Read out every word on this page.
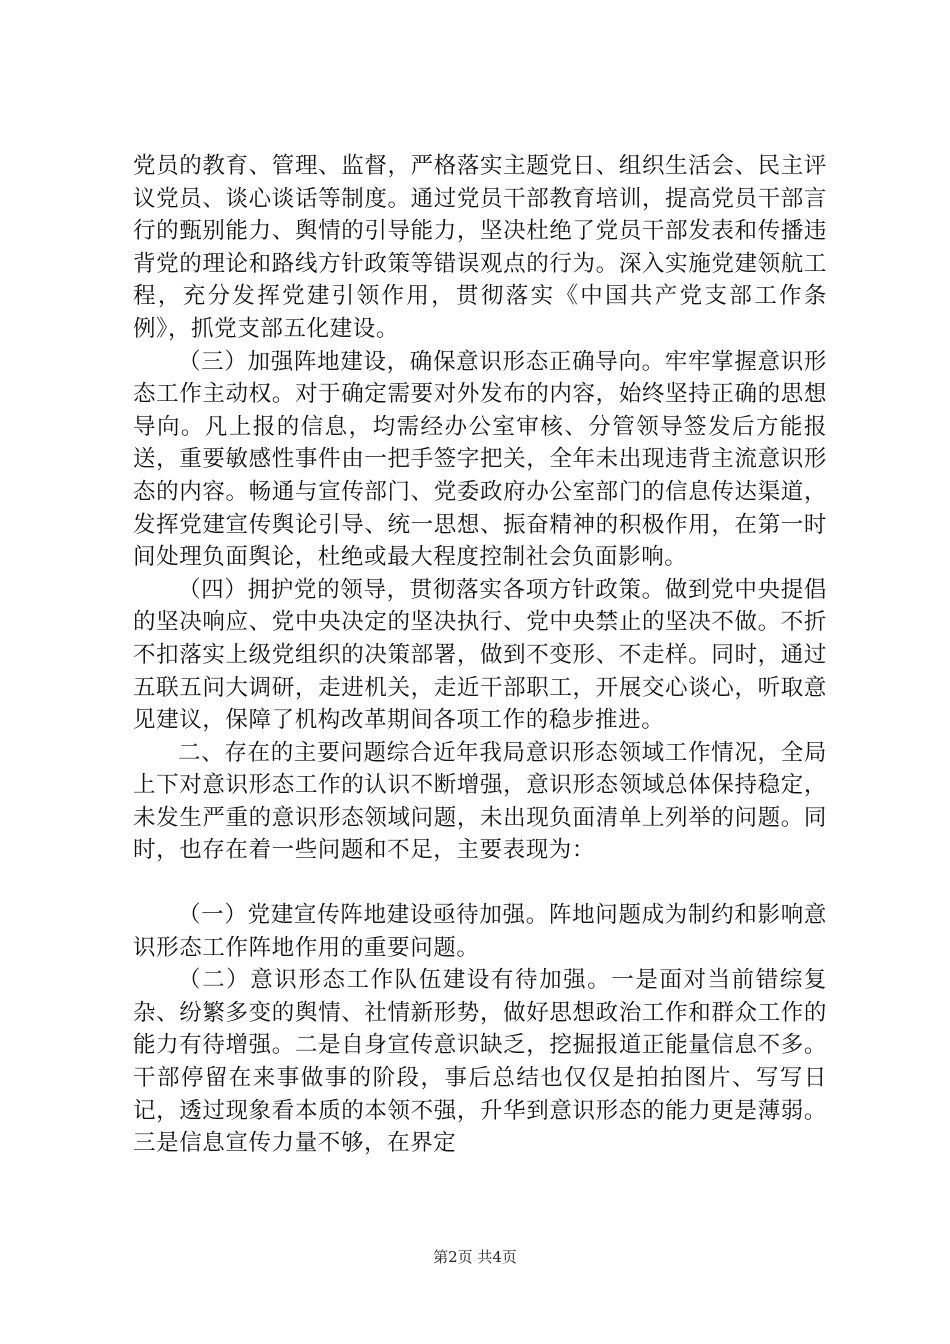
党员的教育、管理、监督，严格落实主题党日、组织生活会、民主评议党员、谈心谈话等制度。通过党员干部教育培训，提高党员干部言行的甄别能力、舆情的引导能力，坚决杜绝了党员干部发表和传播违背党的理论和路线方针政策等错误观点的行为。深入实施党建领航工程，充分发挥党建引领作用，贯彻落实《中国共产党支部工作条例》，抓党支部五化建设。

（三）加强阵地建设，确保意识形态正确导向。牢牢掌握意识形态工作主动权。对于确定需要对外发布的内容，始终坚持正确的思想导向。凡上报的信息，均需经办公室审核、分管领导签发后方能报送，重要敏感性事件由一把手签字把关，全年未出现违背主流意识形态的内容。畅通与宣传部门、党委政府办公室部门的信息传达渠道，发挥党建宣传舆论引导、统一思想、振奋精神的积极作用，在第一时间处理负面舆论，杜绝或最大程度控制社会负面影响。

（四）拥护党的领导，贯彻落实各项方针政策。做到党中央提倡的坚决响应、党中央决定的坚决执行、党中央禁止的坚决不做。不折不扣落实上级党组织的决策部署，做到不变形、不走样。同时，通过五联五问大调研，走进机关，走近干部职工，开展交心谈心，听取意见建议，保障了机构改革期间各项工作的稳步推进。

二、存在的主要问题综合近年我局意识形态领域工作情况，全局上下对意识形态工作的认识不断增强，意识形态领域总体保持稳定，未发生严重的意识形态领域问题，未出现负面清单上列举的问题。同时，也存在着一些问题和不足，主要表现为：

（一）党建宣传阵地建设亟待加强。阵地问题成为制约和影响意识形态工作阵地作用的重要问题。

（二）意识形态工作队伍建设有待加强。一是面对当前错综复杂、纷繁多变的舆情、社情新形势，做好思想政治工作和群众工作的能力有待增强。二是自身宣传意识缺乏，挖掘报道正能量信息不多。干部停留在来事做事的阶段，事后总结也仅仅是拍拍图片、写写日记，透过现象看本质的本领不强，升华到意识形态的能力更是薄弱。三是信息宣传力量不够，在界定

第2页 共4页
